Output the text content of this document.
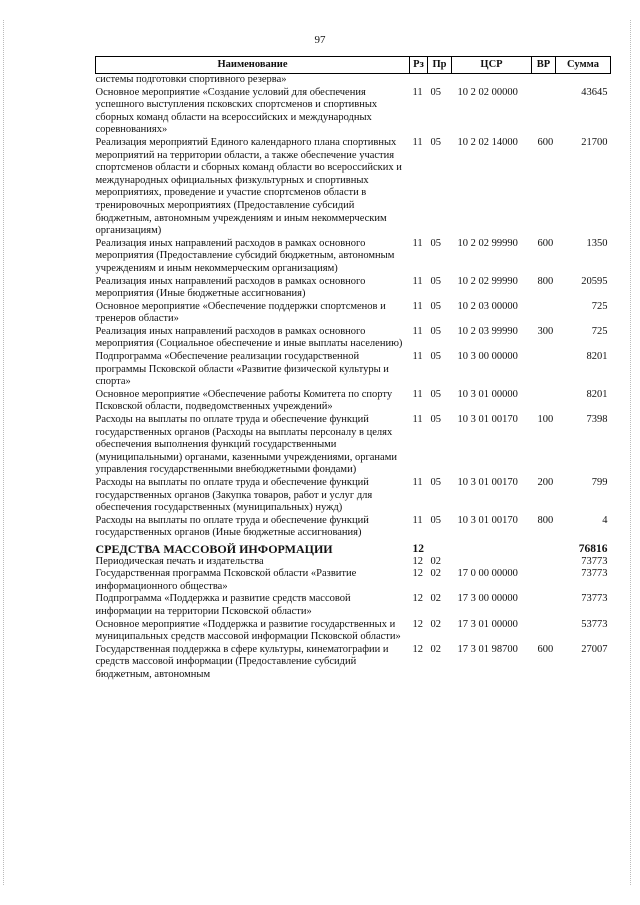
97
Наименование	Рз	Пр	ЦСР	ВР	Сумма
системы подготовки спортивного резерва»					
Основное мероприятие «Создание условий для обеспечения успешного выступления псковских спортсменов и спортивных сборных команд области на всероссийских и международных соревнованиях»	11	05	10 2 02 00000		43645
Реализация мероприятий Единого календарного плана спортивных мероприятий на территории области, а также обеспечение участия спортсменов области и сборных команд области во всероссийских и международных официальных физкультурных и спортивных мероприятиях, проведение и участие спортсменов области в тренировочных мероприятиях (Предоставление субсидий бюджетным, автономным учреждениям и иным некоммерческим организациям)	11	05	10 2 02 14000	600	21700
Реализация иных направлений расходов в рамках основного мероприятия (Предоставление субсидий бюджетным, автономным учреждениям и иным некоммерческим организациям)	11	05	10 2 02 99990	600	1350
Реализация иных направлений расходов в рамках основного мероприятия (Иные бюджетные ассигнования)	11	05	10 2 02 99990	800	20595
Основное мероприятие «Обеспечение поддержки спортсменов и тренеров области»	11	05	10 2 03 00000		725
Реализация иных направлений расходов в рамках основного мероприятия (Социальное обеспечение и иные выплаты населению)	11	05	10 2 03 99990	300	725
Подпрограмма «Обеспечение реализации государственной программы Псковской области «Развитие физической культуры и спорта»	11	05	10 3 00 00000		8201
Основное мероприятие «Обеспечение работы Комитета по спорту Псковской области, подведомственных учреждений»	11	05	10 3 01 00000		8201
Расходы на выплаты по оплате труда и обеспечение функций государственных органов (Расходы на выплаты персоналу в целях обеспечения выполнения функций государственными (муниципальными) органами, казенными учреждениями, органами управления государственными внебюджетными фондами)	11	05	10 3 01 00170	100	7398
Расходы на выплаты по оплате труда и обеспечение функций государственных органов (Закупка товаров, работ и услуг для обеспечения государственных (муниципальных) нужд)	11	05	10 3 01 00170	200	799
Расходы на выплаты по оплате труда и обеспечение функций государственных органов (Иные бюджетные ассигнования)	11	05	10 3 01 00170	800	4
СРЕДСТВА МАССОВОЙ ИНФОРМАЦИИ	12				76816
Периодическая печать и издательства	12	02			73773
Государственная программа Псковской области «Развитие информационного общества»	12	02	17 0 00 00000		73773
Подпрограмма «Поддержка и развитие средств массовой информации на территории Псковской области»	12	02	17 3 00 00000		73773
Основное мероприятие «Поддержка и развитие государственных и муниципальных средств массовой информации Псковской области»	12	02	17 3 01 00000		53773
Государственная поддержка в сфере культуры, кинематографии и средств массовой информации (Предоставление субсидий бюджетным, автономным	12	02	17 3 01 98700	600	27007
